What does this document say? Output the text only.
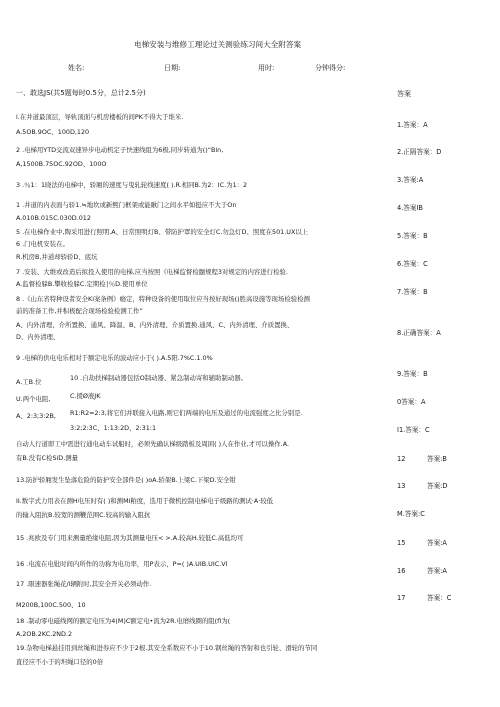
电梯安装与维修工理论过关测验练习间大全附答案
姓名:	日期:	用时:	分钟得分:
一、敢选JS(共5题每时0.5分，总计2.5分)	答案
l.在井道最顶层，导轨顶面与机房楼板的间PK不得大于堆米.
A.5OB.9OC、100D,120
2 .电梯用YTD交流双速异步电动机定子快速线组为6极,同步转通为()“Bin,
A,1500B.75OC.92OD、100O
3 .％1：1晓法的电梯中，轿厢的速度与曳轧轮线速度( ).R.相同B.为2：IC.为1：2
1 .井道的内表面与轿1.≒地坎或新熙门框架或能瞅门之间水平如挺应不大于On
A.010B.015C.030D.012
5 .在电梯作业中,陶采用进行照明.A、日常照明灯B、带防护罩的安全灯C.勿急灯D、照度在501.UX以上
6 .门电机安装在。
R.机房B,井道却轿轿D、底坑
7 .安装、大维或改造后拟投入使用的电梯,应当按照《电梯监督检髓规程3对规定的内容进行检验.
A.监督检躲B.攀收检躲C.定期检∣％D.使用单位
8 .《山东省特种设者安全Ki案条例》瘾定，特种设备的使用取位应当按好现场()胜高设施等现场检验检测
前的准备工作,并积极配合现场检验检测工作”
A、内外清理、介所置换、通风、降温、B、内外清理、介质置换.通风、C、内外清理、介质置换、
D、内外清理、
9 .电梯的供电电乐相对于额定电乐的波动应小于( ).A.5阳.7%C.1.0%
A.工B.位	10 .自劫扶梯制动器包括O制动器、紧急制动寄和辅助制动器。
U.两个电阻,	C.援Ø液JK
A、2:3;3:2B, R1:R2=2:3,将它们并联接入电路,则它们两端的电压及通过的电流强度之比分别是.
3:2;2:3C、1:13:2D、2:31:1
自动人行道即工中需进行通电动车试船时，必须先确认梯级踏板及周困( )人在作业,才可以操作.A.
有B.没有C检SiD.测量
13.防护轿厢发生坠落危险的防护安全部件是( )oA.轿架B.上梁C.下梁D.安全钳
II.数字式力用表在测H电压时有( )和测Ml粕度，选用于微机控制电梯电子级路的测试·A·较低
的输入阻抗B.较宽的测鞭范围C.较高的输入阻抗
15 .兆欧及专门用来测量绝缘电阻,因为其测量电压< >.A.较高H.较低C.高低均可
16 .电流在电妣时间内所作的功称为电功率，用P表示，P=( )A.UIB.UIC.VI
17 .限速器张绳花∕l辆附时,其安全开关必须动作.
M200B,100C.500、10
18 .制动零电磁线网的额定电压为4(M)C额定电•流为2R.电磨线圈的阻(fl为(
A.2OB.2KC.2ND.2
19.杂物电梯悬挂用到丝绳和进券应不少于2根.其安全系数应不小于10.钢丝绳的答射和也引轮、滑轮的节同
直径应不小于的坦绳口径的0倍
1.答案：A
2.正隔答案：D
3.答案:A
4.答案IB
5.答案：B
6.答案：C
7.答案：B
8.正确答案：A
9.答案：B
0答案：A
I1.答案：C
12	答案:B
13	答案:D
M.答案:C
15	答案:A
16	答案:A
17	答案：C
